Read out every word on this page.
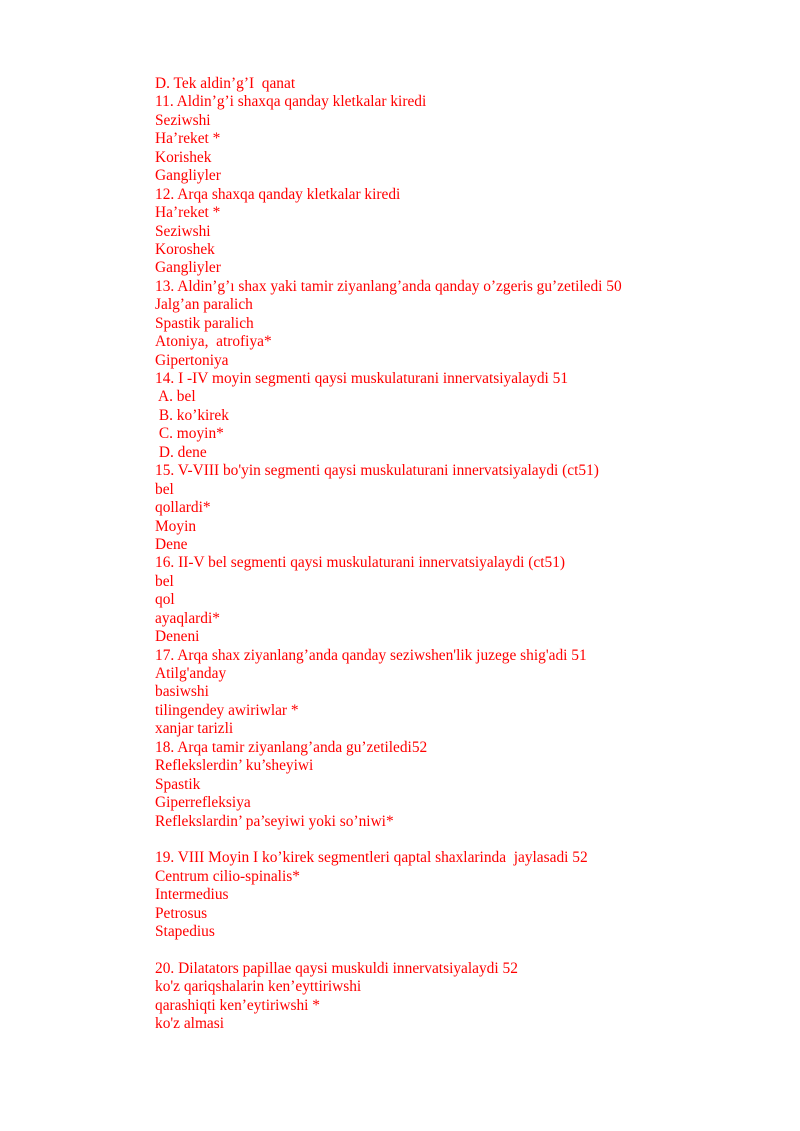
D. Tek aldin’g’I  qanat
11. Aldin’g’i shaxqa qanday kletkalar kiredi
Seziwshi
Ha’reket *
Korishek
Gangliyler
12. Arqa shaxqa qanday kletkalar kiredi
Ha’reket *
Seziwshi
Koroshek
Gangliyler
13. Aldin’g’ı shax yaki tamir ziyanlang’anda qanday o’zgeris gu’zetiledi 50
Jalg’an paralich
Spastik paralich
Atoniya,  atrofiya*
Gipertoniya
14. I -IV moyin segmenti qaysi muskulaturani innervatsiyalaydi 51
A. bel
B. ko’kirek
C. moyin*
D. dene
15. V-VIII bo'yin segmenti qaysi muskulaturani innervatsiyalaydi (ct51)
bel
qollardi*
Moyin
Dene
16. II-V bel segmenti qaysi muskulaturani innervatsiyalaydi (ct51)
bel
qol
ayaqlardi*
Deneni
17. Arqa shax ziyanlang’anda qanday seziwshen'lik juzege shig'adi 51
Atilg'anday
basiwshi
tilingendey awiriwlar *
xanjar tarizli
18. Arqa tamir ziyanlang’anda gu’zetiledi52
Reflekslerdin’ ku’sheyiwi
Spastik
Giperrefleksiya
Reflekslardin’ pa’seyiwi yoki so’niwi*
19. VIII Moyin I ko’kirek segmentleri qaptal shaxlarinda  jaylasadi 52
Centrum cilio-spinalis*
Intermedius
Petrosus
Stapedius
20. Dilatators papillae qaysi muskuldi innervatsiyalaydi 52
ko'z qariqshalarin ken’eyttiriwshi
qarashiqti ken’eytiriwshi *
ko'z almasi
